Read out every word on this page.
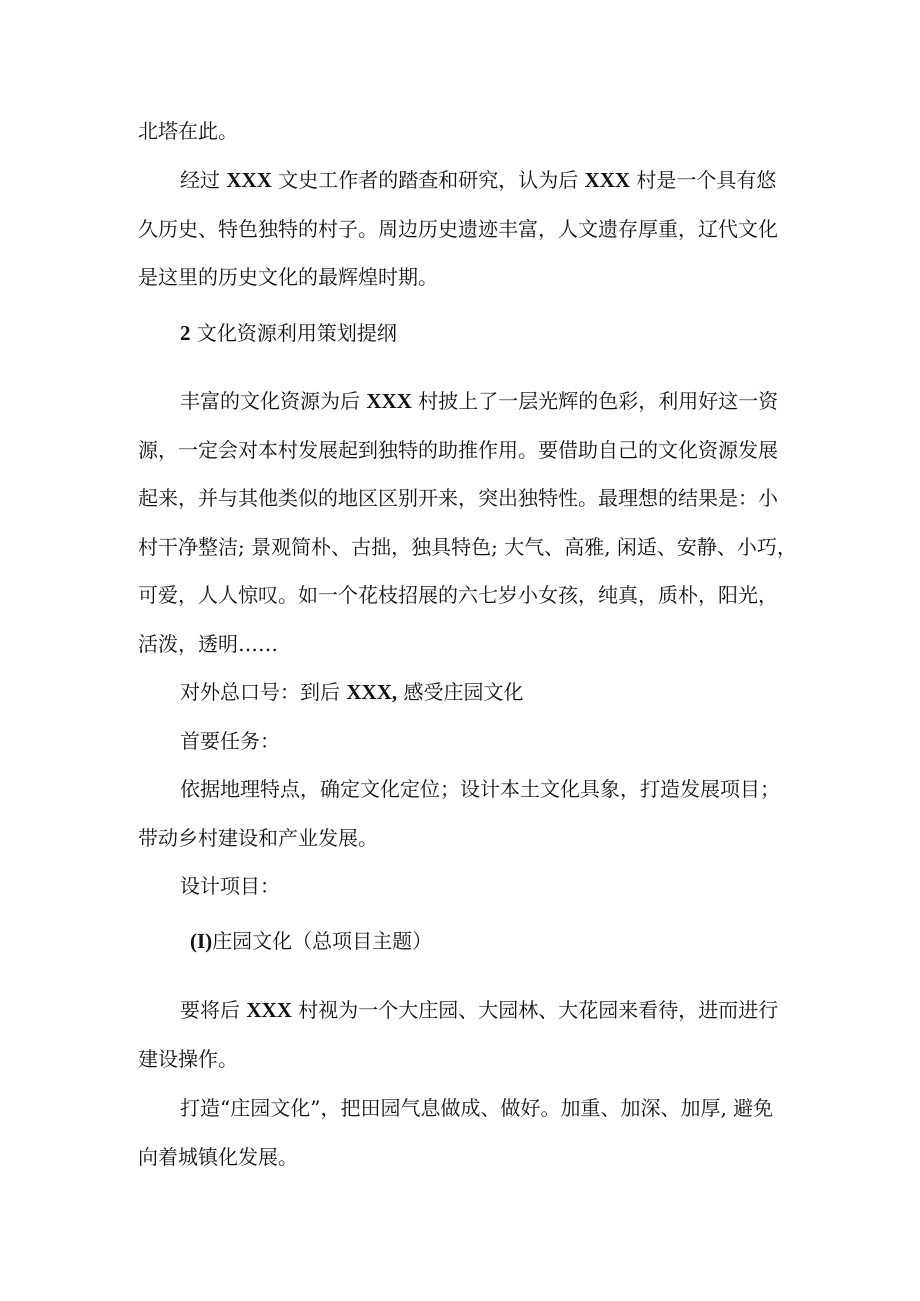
北塔在此。
经过 XXX 文史工作者的踏查和研究，认为后 XXX 村是一个具有悠
久历史、特色独特的村子。周边历史遗迹丰富，人文遗存厚重，辽代文化
是这里的历史文化的最辉煌时期。
2 文化资源利用策划提纲
丰富的文化资源为后 XXX 村披上了一层光辉的色彩，利用好这一资
源，一定会对本村发展起到独特的助推作用。要借助自己的文化资源发展
起来，并与其他类似的地区区别开来，突出独特性。最理想的结果是：小
村干净整洁; 景观简朴、古拙，独具特色; 大气、高雅, 闲适、安静、小巧，
可爱，人人惊叹。如一个花枝招展的六七岁小女孩，纯真，质朴，阳光，
活泼，透明……
对外总口号：到后 XXX, 感受庄园文化
首要任务：
依据地理特点，确定文化定位；设计本土文化具象，打造发展项目；
带动乡村建设和产业发展。
设计项目：
(I)庄园文化（总项目主题）
要将后 XXX 村视为一个大庄园、大园林、大花园来看待，进而进行
建设操作。
打造“庄园文化”，把田园气息做成、做好。加重、加深、加厚, 避免
向着城镇化发展。
